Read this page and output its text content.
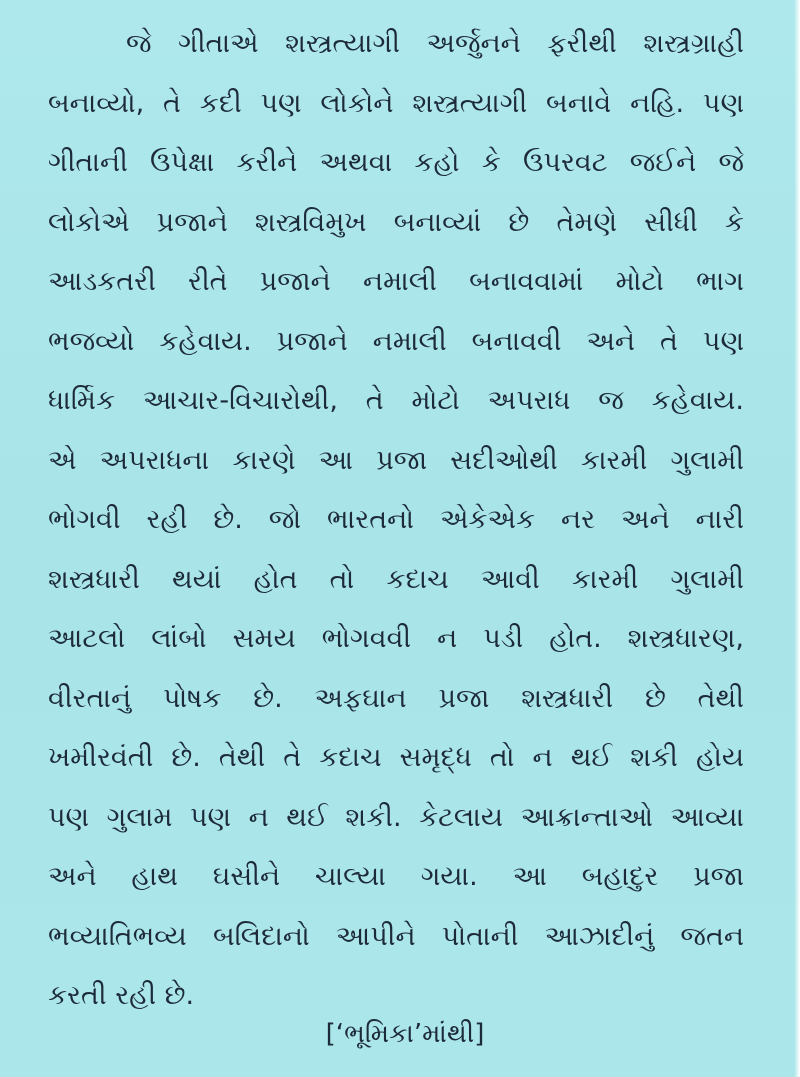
જે ગીતાએ શસ્ત્રત્યાગી અર્જુનને ફરીથી શસ્ત્રગ્રાહી
બનાવ્યો, તે કદી પણ લોકોને શસ્ત્રત્યાગી બનાવે નહિ. પણ
ગીતાની ઉપેક્ષા કરીને અથવા કહો કે ઉપરવટ જઈને જે
લોકોએ પ્રજાને શસ્ત્રવિમુખ બનાવ્યાં છે તેમણે સીધી કે
આડકતરી રીતે પ્રજાને નમાલી બનાવવામાં મોટો ભાગ
ભજવ્યો કહેવાય. પ્રજાને નમાલી બનાવવી અને તે પણ
ધાર્મિક આચાર-વિચારોથી, તે મોટો અપરાધ જ કહેવાય.
એ અપરાધના કારણે આ પ્રજા સદીઓથી કારમી ગુલામી
ભોગવી રહી છે. જો ભારતનો એકેએક નર અને નારી
શસ્ત્રધારી થયાં હોત તો કદાચ આવી કારમી ગુલામી
આટલો લાંબો સમય ભોગવવી ન પડી હોત. શસ્ત્રધારણ,
વીરતાનું પોષક છે. અફઘાન પ્રજા શસ્ત્રધારી છે તેથી
ખમીરવંતી છે. તેથી તે કદાચ સમૃદ્ધ તો ન થઈ શકી હોય
પણ ગુલામ પણ ન થઈ શકી. કેટલાય આક્રાન્તાઓ આવ્યા
અને હાથ ઘસીને ચાલ્યા ગયા. આ બહાદુર પ્રજા
ભવ્યાતિભવ્ય બલિદાનો આપીને પોતાની આઝાદીનું જતન
કરતી રહી છે.
[‘ભૂમિકા’માંથી]
